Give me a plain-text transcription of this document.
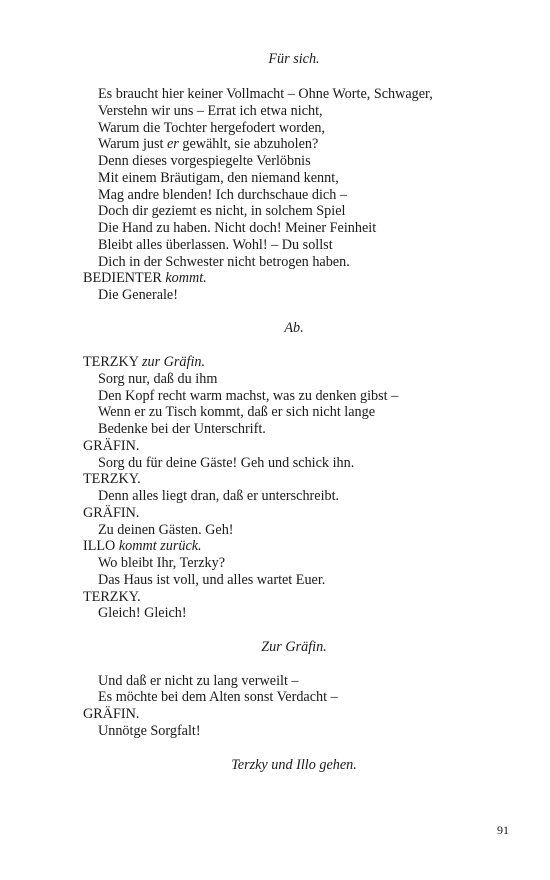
Für sich.
Es braucht hier keiner Vollmacht – Ohne Worte, Schwager,
Verstehn wir uns – Errat ich etwa nicht,
Warum die Tochter hergefodert worden,
Warum just er gewählt, sie abzuholen?
Denn dieses vorgespiegelte Verlöbnis
Mit einem Bräutigam, den niemand kennt,
Mag andre blenden! Ich durchschaue dich –
Doch dir geziemt es nicht, in solchem Spiel
Die Hand zu haben. Nicht doch! Meiner Feinheit
Bleibt alles überlassen. Wohl! – Du sollst
Dich in der Schwester nicht betrogen haben.
BEDIENTER kommt.
Die Generale!
Ab.
TERZKY zur Gräfin.
Sorg nur, daß du ihm
Den Kopf recht warm machst, was zu denken gibst –
Wenn er zu Tisch kommt, daß er sich nicht lange
Bedenke bei der Unterschrift.
GRÄFIN.
Sorg du für deine Gäste! Geh und schick ihn.
TERZKY.
Denn alles liegt dran, daß er unterschreibt.
GRÄFIN.
Zu deinen Gästen. Geh!
ILLO kommt zurück.
Wo bleibt Ihr, Terzky?
Das Haus ist voll, und alles wartet Euer.
TERZKY.
Gleich! Gleich!
Zur Gräfin.
Und daß er nicht zu lang verweilt –
Es möchte bei dem Alten sonst Verdacht –
GRÄFIN.
Unnötge Sorgfalt!
Terzky und Illo gehen.
91
